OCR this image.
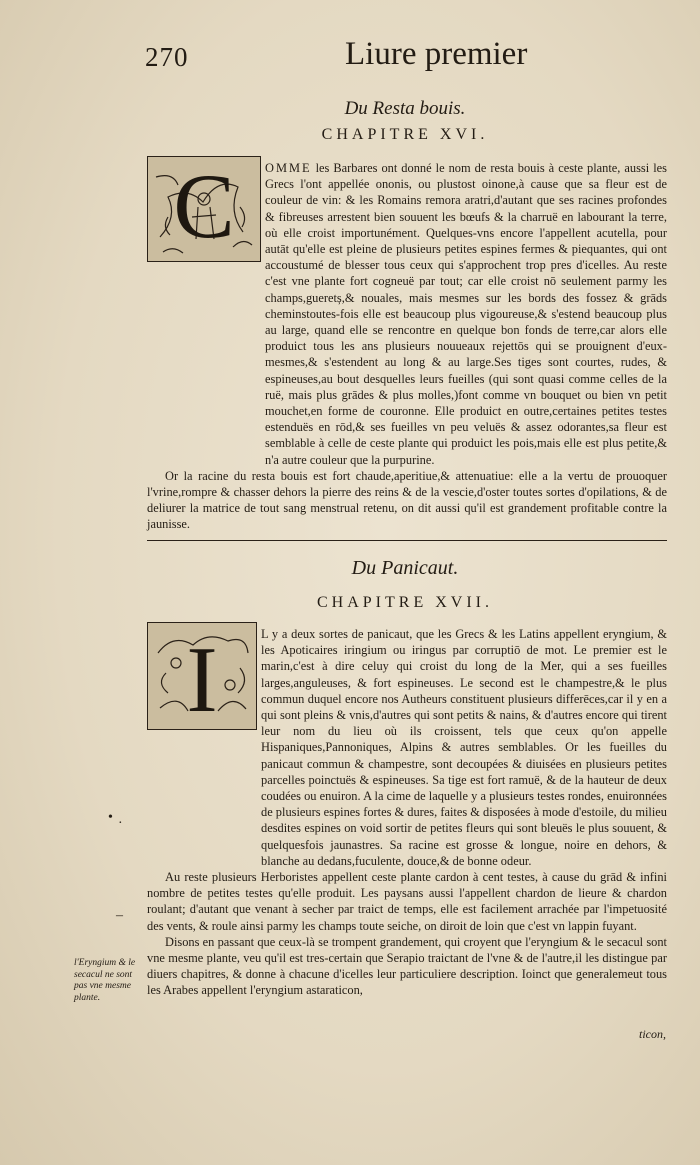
270	Liure premier
Du Resta bouis.
CHAPITRE XVI.
C OMME les Barbares ont donné le nom de resta bouis à ceste plante, aussi les Grecs l'ont appellée ononis, ou plustost oinone,à cause que sa fleur est de couleur de vin: & les Romains remora aratri,d'autant que ses racines profondes & fibreuses arrestent bien souuent les bœufs & la charruë en labourant la terre, où elle croist importunément. Quelques-vns encore l'appellent acutella, pour autāt qu'elle est pleine de plusieurs petites espines fermes & piequantes, qui ont accoustumé de blesser tous ceux qui s'approchent trop pres d'icelles. Au reste c'est vne plante fort cogneuë par tout; car elle croist nō seulement parmy les champs,gueretș,& nouales, mais mesmes sur les bords des fossez & grāds cheminstoutes-fois elle est beaucoup plus vigoureuse,& s'estend beaucoup plus au large, quand elle se rencontre en quelque bon fonds de terre,car alors elle produict tous les ans plusieurs nouueaux rejettōs qui se prouignent d'eux-mesmes,& s'estendent au long & au large.Ses tiges sont courtes, rudes, & espineuses,au bout desquelles leurs fueilles (qui sont quasi comme celles de la ruë, mais plus grādes & plus molles,)font comme vn bouquet ou bien vn petit mouchet,en forme de couronne. Elle produict en outre,certaines petites testes estenduës en rōd,& ses fueilles vn peu veluës & assez odorantes,sa fleur est semblable à celle de ceste plante qui produict les pois,mais elle est plus petite,& n'a autre couleur que la purpurine.

Or la racine du resta bouis est fort chaude,aperitiue,& attenuatiue: elle a la vertu de prouoquer l'vrine,rompre & chasser dehors la pierre des reins & de la vescie,d'oster toutes sortes d'opilations, & de deliurer la matrice de tout sang menstrual retenu, on dit aussi qu'il est grandement profitable contre la jaunisse.

Du Panicaut.
CHAPITRE XVII.
I	L y a deux sortes de panicaut, que les Grecs & les Latins appellent eryngium, & les Apoticaires iringium ou iringus par corruptiō de mot. Le premier est le marin,c'est à dire celuy qui croist du long de la Mer, qui a ses fueilles larges,anguleuses, & fort espineuses. Le second est le champestre,& le plus commun duquel encore nos Autheurs constituent plusieurs differēces,car il y en a qui sont pleins & vnis,d'autres qui sont petits & nains, & d'autres encore qui tirent leur nom du lieu où ils croissent, tels que ceux qu'on appelle Hispaniques,Pannoniques, Alpins & autres semblables. Or les fueilles du panicaut commun & champestre, sont decoupées & diuisées en plusieurs petites parcelles poinctuës & espineuses. Sa tige est fort ramuë, & de la hauteur de deux coudées ou enuiron. A la cime de laquelle y a plusieurs testes rondes, enuironnées de plusieurs espines fortes & dures, faites & disposées à mode d'estoile, du milieu desdites espines on void sortir de petites fleurs qui sont bleuës le plus souuent, & quelquesfois jaunastres. Sa racine est grosse & longue, noire en dehors, & blanche au dedans,fuculente, douce,& de bonne odeur.

Au reste plusieurs Herboristes appellent ceste plante cardon à cent testes, à cause du grād & infini nombre de petites testes qu'elle produit. Les paysans aussi l'appellent chardon de lieure & chardon roulant; d'autant que venant à secher par traict de temps, elle est facilement arrachée par l'impetuosité des vents, & roule ainsi parmy les champs toute seiche, on diroit de loin que c'est vn lappin fuyant.

Disons en passant que ceux-là se trompent grandement, qui croyent que l'eryngium & le secacul sont vne mesme plante, veu qu'il est tres-certain que Serapio traictant de l'vne & de l'autre,il les distingue par diuers chapitres, & donne à chacune d'icelles leur particuliere description. Ioinct que generalemeut tous les Arabes appellent l'eryngium astaraticon,

l'Eryngium & le secacul ne sont pas vne mesme plante.
ticon,
• ·
–
